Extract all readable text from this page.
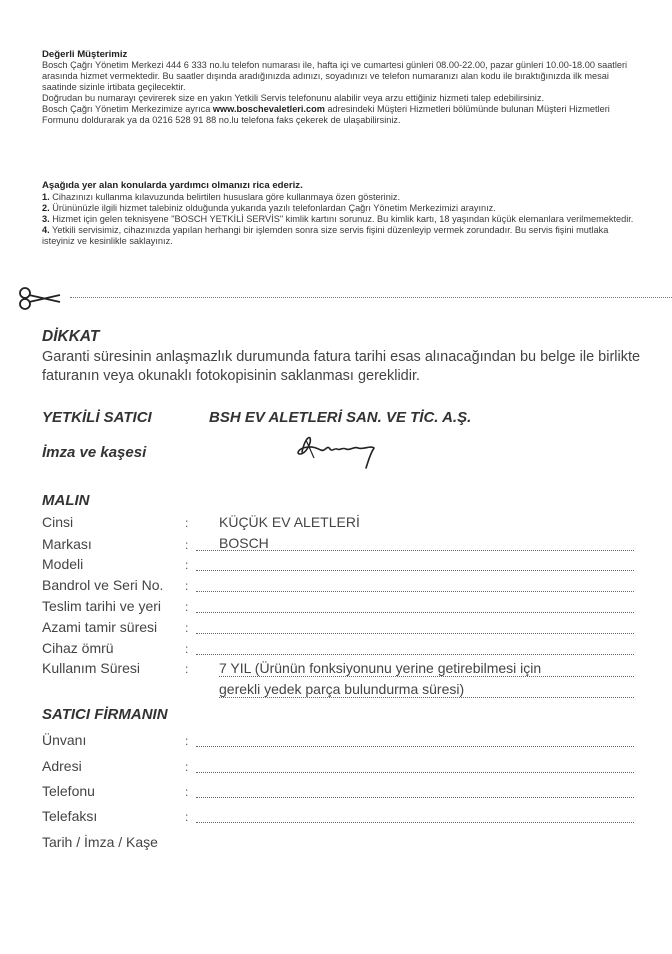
Değerli Müşterimiz

Bosch Çağrı Yönetim Merkezi 444 6 333 no.lu telefon numarası ile, hafta içi ve cumartesi günleri 08.00-22.00, pazar günleri 10.00-18.00 saatleri arasında hizmet vermektedir. Bu saatler dışında aradığınızda adınızı, soyadınızı ve telefon numaranızı alan kodu ile bıraktığınızda ilk mesai saatinde sizinle irtibata geçilecektir.

Doğrudan bu numarayı çevirerek size en yakın Yetkili Servis telefonunu alabilir veya arzu ettiğiniz hizmeti talep edebilirsiniz.

Bosch Çağrı Yönetim Merkezimize ayrıca www.boschevaletleri.com adresindeki Müşteri Hizmetleri bölümünde bulunan Müşteri Hizmetleri Formunu doldurarak ya da 0216 528 91 88 no.lu telefona faks çekerek de ulaşabilirsiniz.

Aşağıda yer alan konularda yardımcı olmanızı rica ederiz.

1. Cihazınızı kullanma kılavuzunda belirtilen hususlara göre kullanmaya özen gösteriniz.

2. Ürününüzle ilgili hizmet talebiniz olduğunda yukarıda yazılı telefonlardan Çağrı Yönetim Merkezimizi arayınız.

3. Hizmet için gelen teknisyene "BOSCH YETKİLİ SERVİS" kimlik kartını sorunuz. Bu kimlik kartı, 18 yaşından küçük elemanlara verilmemektedir.

4. Yetkili servisimiz, cihazınızda yapılan herhangi bir işlemden sonra size servis fişini düzenleyip vermek zorundadır. Bu servis fişini mutlaka isteyiniz ve kesinlikle saklayınız.

DİKKAT
Garanti süresinin anlaşmazlık durumunda fatura tarihi esas alınacağından bu belge ile birlikte faturanın veya okunaklı fotokopisinin saklanması gereklidir.
YETKİLİ SATICI	BSH EV ALETLERİ SAN. VE TİC. A.Ş.
İmza ve kaşesi
MALIN
Cinsi	: KÜÇÜK EV ALETLERİ
Markası	: BOSCH
Modeli	:
Bandrol ve Seri No. :
Teslim tarihi ve yeri :
Azami tamir süresi :
Cihaz ömrü	:
Kullanım Süresi	: 7 YIL (Ürünün fonksiyonunu yerine getirebilmesi için
gerekli yedek parça bulundurma süresi)
SATICI FİRMANIN
Ünvanı	:
Adresi	:
Telefonu	:
Telefaksı	:
Tarih / İmza / Kaşe
